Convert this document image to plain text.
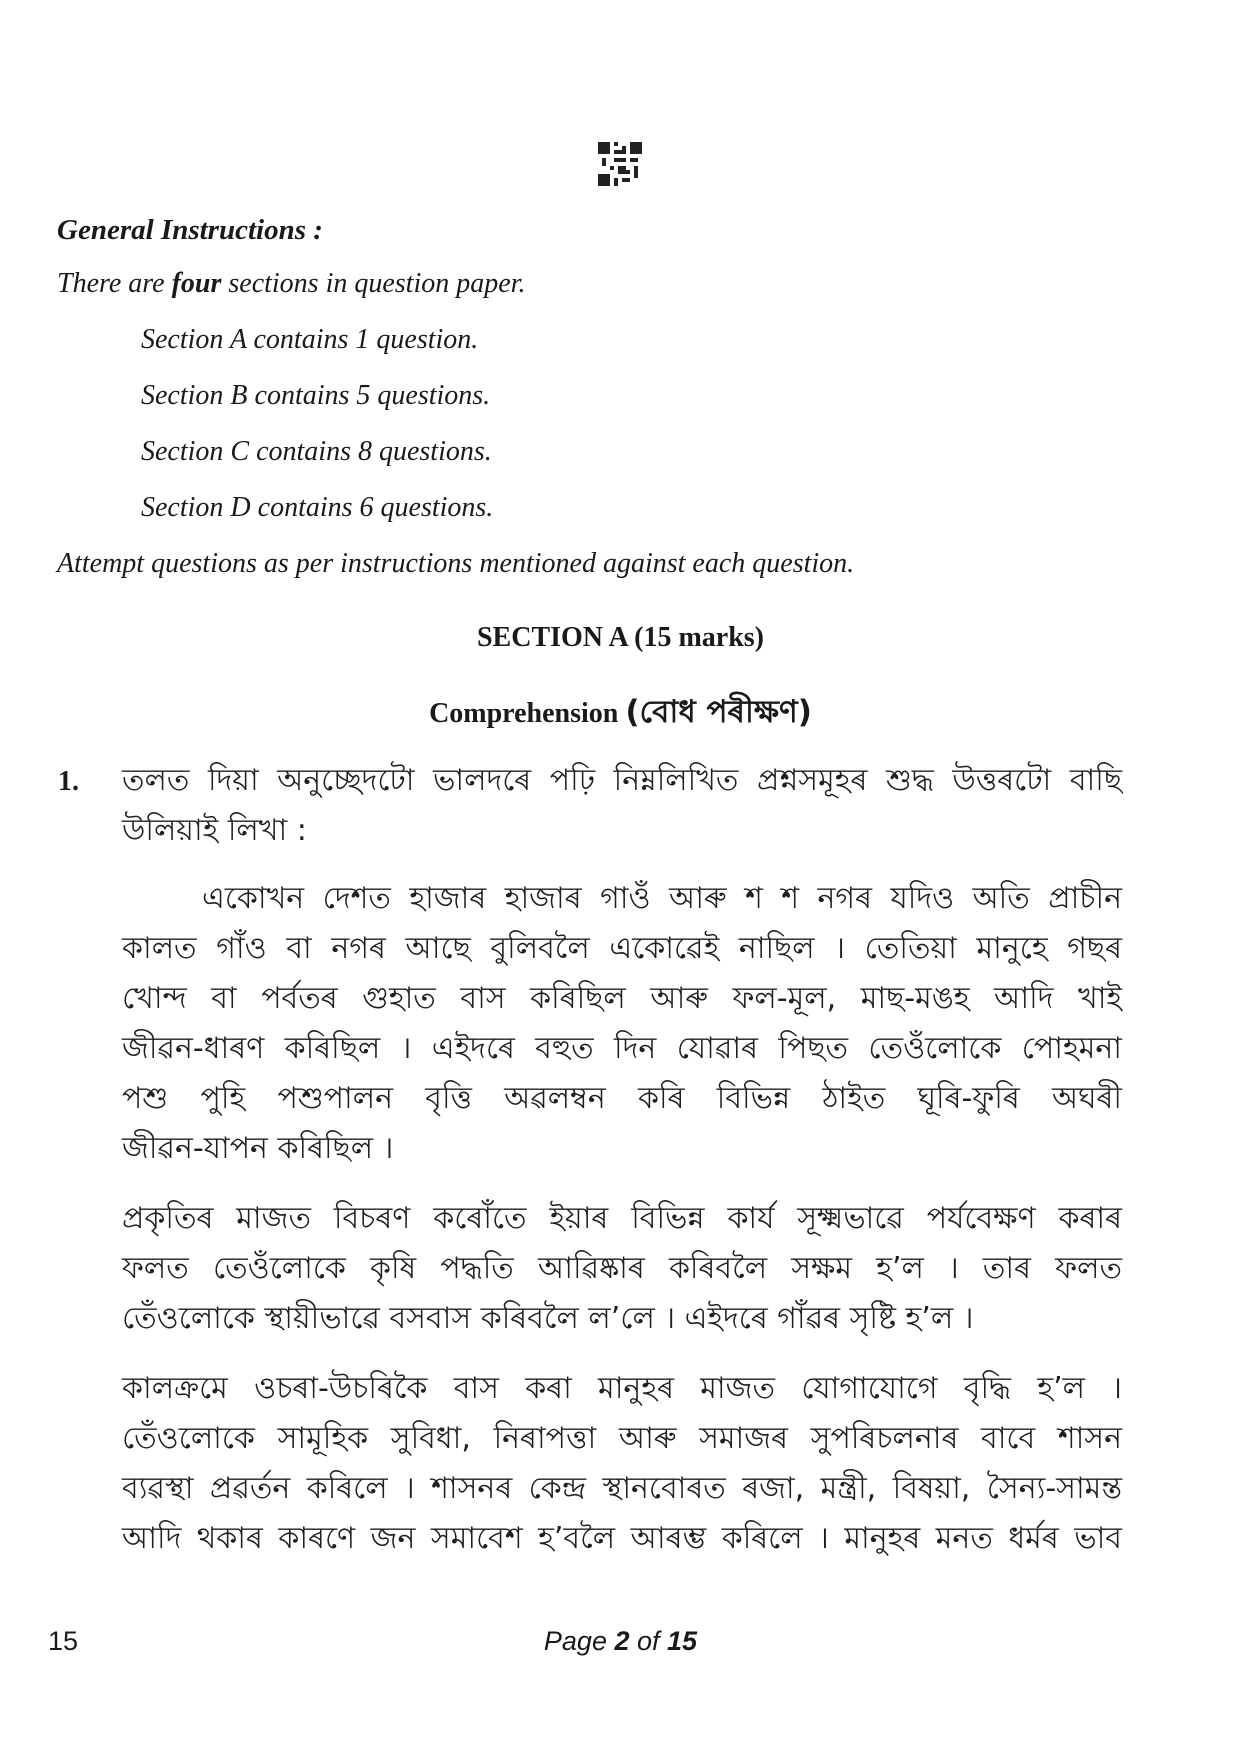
General Instructions :
There are four sections in question paper.
Section A contains 1 question.
Section B contains 5 questions.
Section C contains 8 questions.
Section D contains 6 questions.
Attempt questions as per instructions mentioned against each question.
SECTION A (15 marks)
Comprehension (বোধ পৰীক্ষণ)
1. তলত দিয়া অনুচ্ছেদটো ভালদৰে পঢ়ি নিম্নলিখিত প্ৰশ্নসমূহৰ শুদ্ধ উত্তৰটো বাছি
উলিয়াই লিখা :
একোখন দেশত হাজাৰ হাজাৰ গাওঁ আৰু শ শ নগৰ যদিও অতি প্ৰাচীন
কালত গাঁও বা নগৰ আছে বুলিবলৈ একোৱেই নাছিল । তেতিয়া মানুহে গছৰ
খোন্দ বা পৰ্বতৰ গুহাত বাস কৰিছিল আৰু ফল-মূল, মাছ-মঙহ আদি খাই
জীৱন-ধাৰণ কৰিছিল । এইদৰে বহুত দিন যোৱাৰ পিছত তেওঁলোকে পোহমনা
পশু পুহি পশুপালন বৃত্তি অৱলম্বন কৰি বিভিন্ন ঠাইত ঘূৰি-ফুৰি অঘৰী
জীৱন-যাপন কৰিছিল ।
প্ৰকৃতিৰ মাজত বিচৰণ কৰোঁতে ইয়াৰ বিভিন্ন কাৰ্য সূক্ষ্মভাৱে পৰ্যবেক্ষণ কৰাৰ
ফলত তেওঁলোকে কৃষি পদ্ধতি আৱিষ্কাৰ কৰিবলৈ সক্ষম হ’ল । তাৰ ফলত
তেঁওলোকে স্থায়ীভাৱে বসবাস কৰিবলৈ ল’লে । এইদৰে গাঁৱৰ সৃষ্টি হ’ল ।
কালক্ৰমে ওচৰা-উচৰিকৈ বাস কৰা মানুহৰ মাজত যোগাযোগে বৃদ্ধি হ’ল ।
তেঁওলোকে সামূহিক সুবিধা, নিৰাপত্তা আৰু সমাজৰ সুপৰিচলনাৰ বাবে শাসন
ব্যৱস্থা প্ৰৱৰ্তন কৰিলে । শাসনৰ কেন্দ্ৰ স্থানবোৰত ৰজা, মন্ত্ৰী, বিষয়া, সৈন্য-সামন্ত
আদি থকাৰ কাৰণে জন সমাবেশ হ’বলৈ আৰম্ভ কৰিলে । মানুহৰ মনত ধৰ্মৰ ভাব
15	Page 2 of 15
